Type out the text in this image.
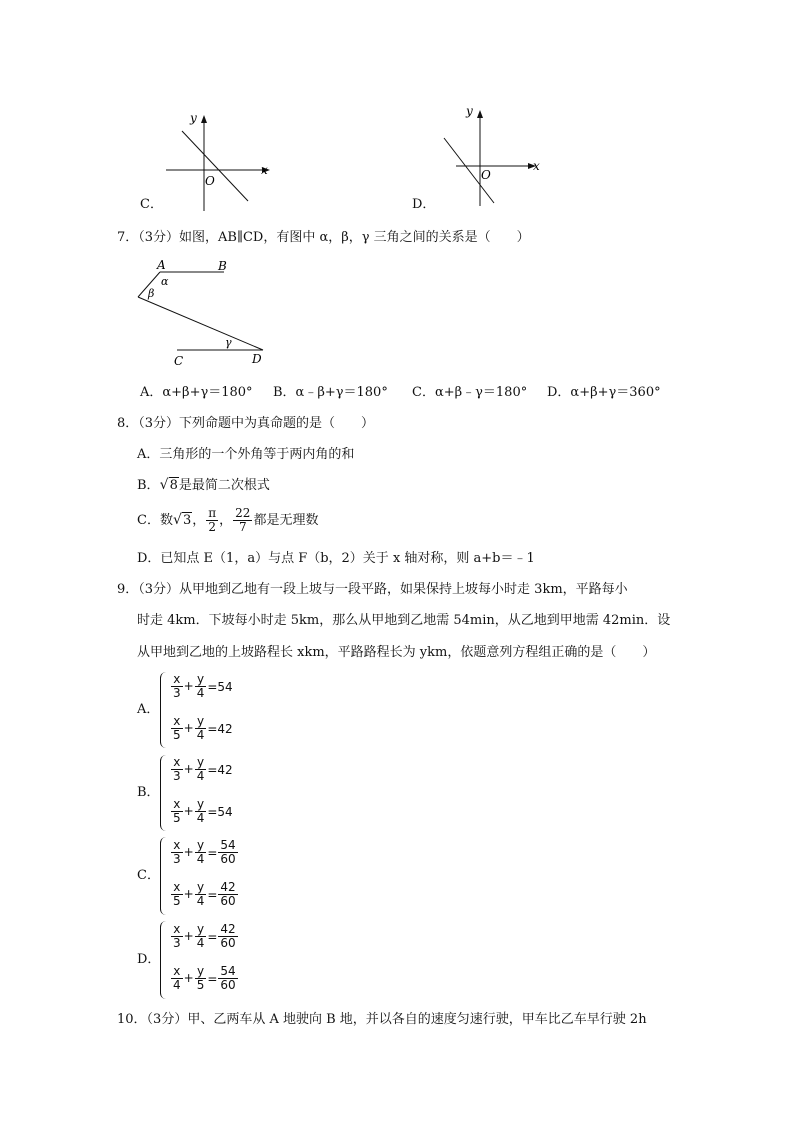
y
x
O
C．
y
x
O
D．
7．（3分）如图，AB∥CD，有图中 α，β，γ 三角之间的关系是（　　）
A	B
α
β
γ
C	D
A．α+β+γ＝180° B．α﹣β+γ＝180° C．α+β﹣γ＝180° D．α+β+γ＝360°
8．（3分）下列命题中为真命题的是（　　）
A．三角形的一个外角等于两内角的和
B． √ 8是最简二次根式
C．数 √ 3， $\frac{\pi}{2}$ ， $\frac{22}{7}$ 都是无理数
D．已知点 E（1，a）与点 F（b，2）关于 x 轴对称，则 a+b＝﹣1
9．（3分）从甲地到乙地有一段上坡与一段平路，如果保持上坡每小时走 3km，平路每小
时走 4km．下坡每小时走 5km，那么从甲地到乙地需 54min，从乙地到甲地需 42min．设
从甲地到乙地的上坡路程长 xkm，平路路程长为 ykm，依题意列方程组正确的是（　　）
A．
$\frac{x}{3} + \frac{y}{4} =54$
$\frac{x}{5} + \frac{y}{4} =42$
B．
$\frac{x}{3} + \frac{y}{4} =42$
$\frac{x}{5} + \frac{y}{4} =54$
C．
$\frac{x}{3} + \frac{y}{4} = \frac{54}{60}$
$\frac{x}{5} + \frac{y}{4} = \frac{42}{60}$
D．
$\frac{x}{3} + \frac{y}{4} = \frac{42}{60}$
$\frac{x}{4} + \frac{y}{5} = \frac{54}{60}$
10．（3分）甲、乙两车从 A 地驶向 B 地，并以各自的速度匀速行驶，甲车比乙车早行驶 2h
